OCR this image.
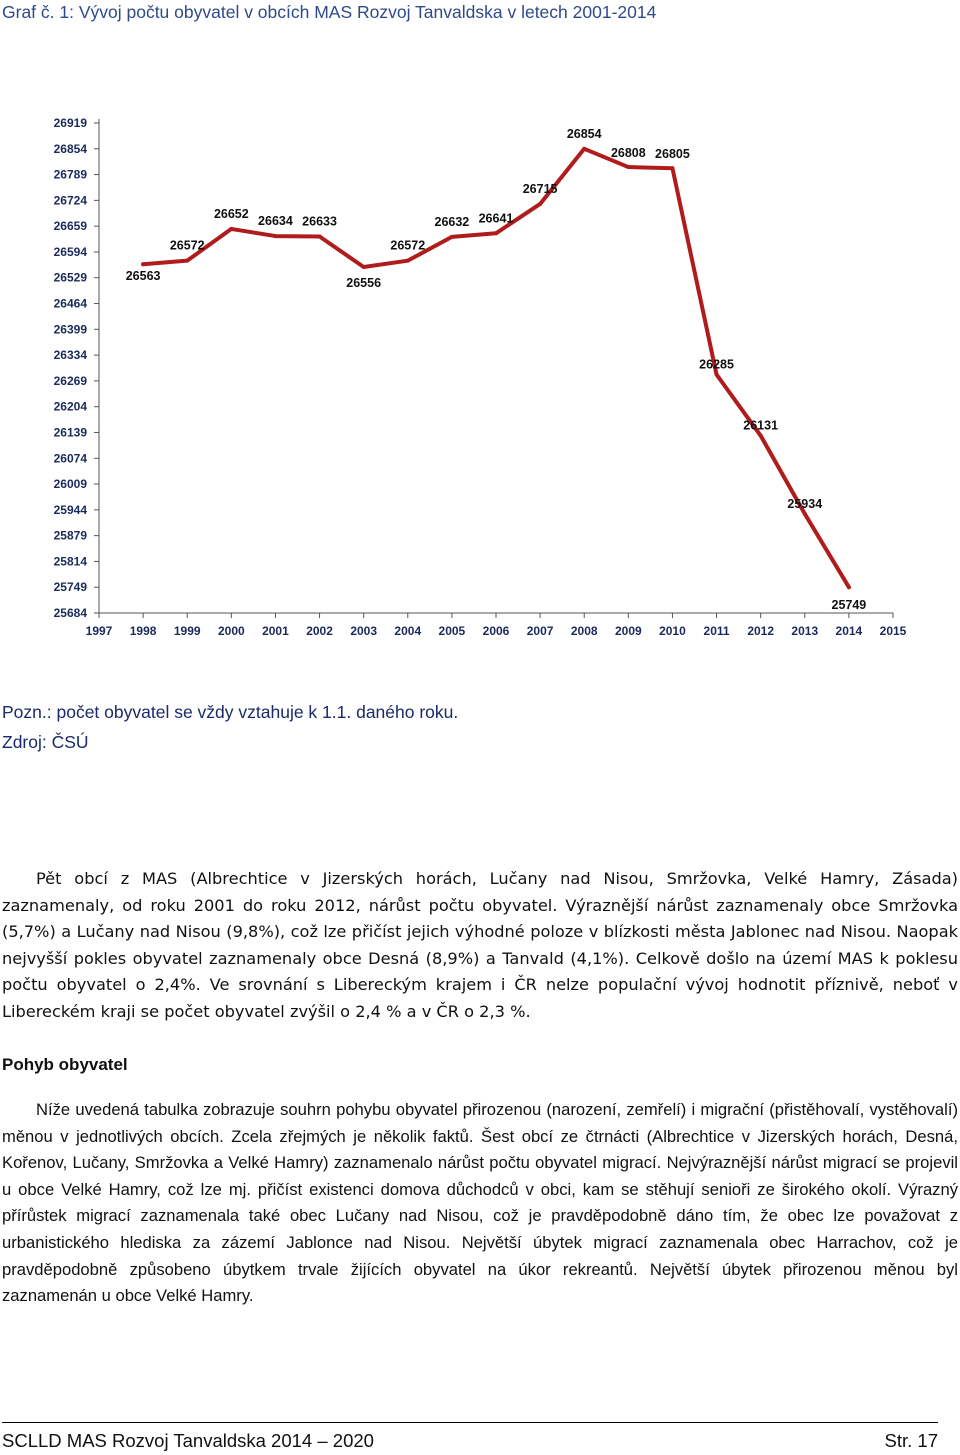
Graf č. 1: Vývoj počtu obyvatel v obcích MAS Rozvoj Tanvaldska v letech 2001-2014
25684
25749
25814
25879
25944
26009
26074
26139
26204
26269
26334
26399
26464
26529
26594
26659
26724
26789
26854
26919
1997 1998 1999 2000 2001 2002 2003 2004 2005 2006 2007 2008 2009 2010 2011 2012 2013 2014 2015
26563
26572
26652
26634 26633
26556
26572
26632 26641
26715
26854
26808 26805
26285
26131
25934
25749
Pozn.: počet obyvatel se vždy vztahuje k 1.1. daného roku.
Zdroj: ČSÚ

Pět obcí z MAS (Albrechtice v Jizerských horách, Lučany nad Nisou, Smržovka, Velké Hamry, Zásada) zaznamenaly, od roku 2001 do roku 2012, nárůst počtu obyvatel. Výraznější nárůst zaznamenaly obce Smržovka (5,7%) a Lučany nad Nisou (9,8%), což lze přičíst jejich výhodné poloze v blízkosti města Jablonec nad Nisou. Naopak nejvyšší pokles obyvatel zaznamenaly obce Desná (8,9%) a Tanvald (4,1%). Celkově došlo na území MAS k poklesu počtu obyvatel o 2,4%. Ve srovnání s Libereckým krajem i ČR nelze populační vývoj hodnotit příznivě, neboť v Libereckém kraji se počet obyvatel zvýšil o 2,4 % a v ČR o 2,3 %.

Pohyb obyvatel

Níže uvedená tabulka zobrazuje souhrn pohybu obyvatel přirozenou (narození, zemřelí) i migrační (přistěhovalí, vystěhovalí) měnou v jednotlivých obcích. Zcela zřejmých je několik faktů. Šest obcí ze čtrnácti (Albrechtice v Jizerských horách, Desná, Kořenov, Lučany, Smržovka a Velké Hamry) zaznamenalo nárůst počtu obyvatel migrací. Nejvýraznější nárůst migrací se projevil u obce Velké Hamry, což lze mj. přičíst existenci domova důchodců v obci, kam se stěhují senioři ze širokého okolí. Výrazný přírůstek migrací zaznamenala také obec Lučany nad Nisou, což je pravděpodobně dáno tím, že obec lze považovat z urbanistického hlediska za zázemí Jablonce nad Nisou. Největší úbytek migrací zaznamenala obec Harrachov, což je pravděpodobně způsobeno úbytkem trvale žijících obyvatel na úkor rekreantů. Největší úbytek přirozenou měnou byl zaznamenán u obce Velké Hamry.

SCLLD MAS Rozvoj Tanvaldska 2014 – 2020	Str. 17
